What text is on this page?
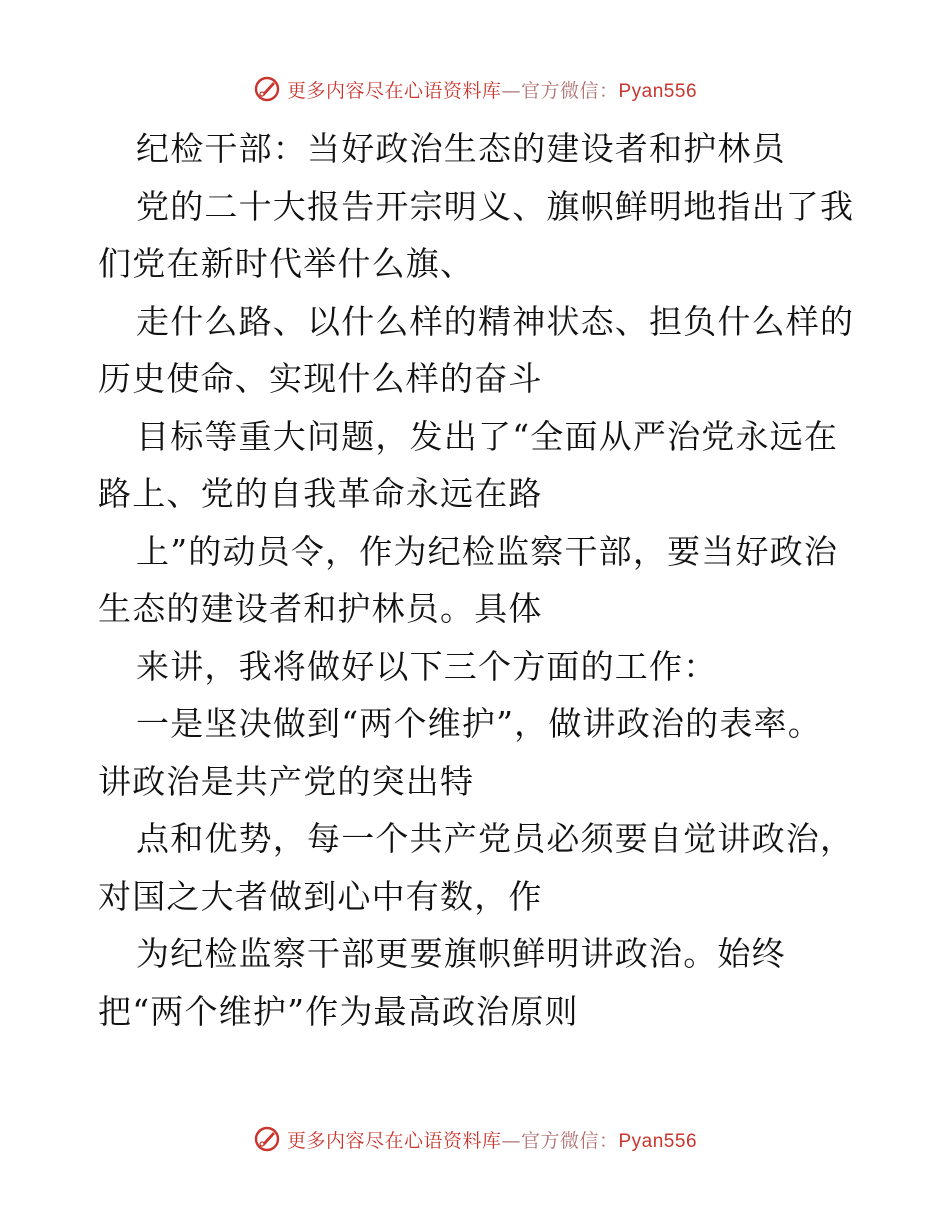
更多内容尽在心语资料库—官方微信：Pyan556
纪检干部：当好政治生态的建设者和护林员
党的二十大报告开宗明义、旗帜鲜明地指出了我
们党在新时代举什么旗、
走什么路、以什么样的精神状态、担负什么样的
历史使命、实现什么样的奋斗
目标等重大问题，发出了“全面从严治党永远在
路上、党的自我革命永远在路
上”的动员令，作为纪检监察干部，要当好政治
生态的建设者和护林员。具体
来讲，我将做好以下三个方面的工作：
一是坚决做到“两个维护”，做讲政治的表率。
讲政治是共产党的突出特
点和优势，每一个共产党员必须要自觉讲政治，
对国之大者做到心中有数，作
为纪检监察干部更要旗帜鲜明讲政治。始终
把“两个维护”作为最高政治原则
更多内容尽在心语资料库—官方微信：Pyan556
